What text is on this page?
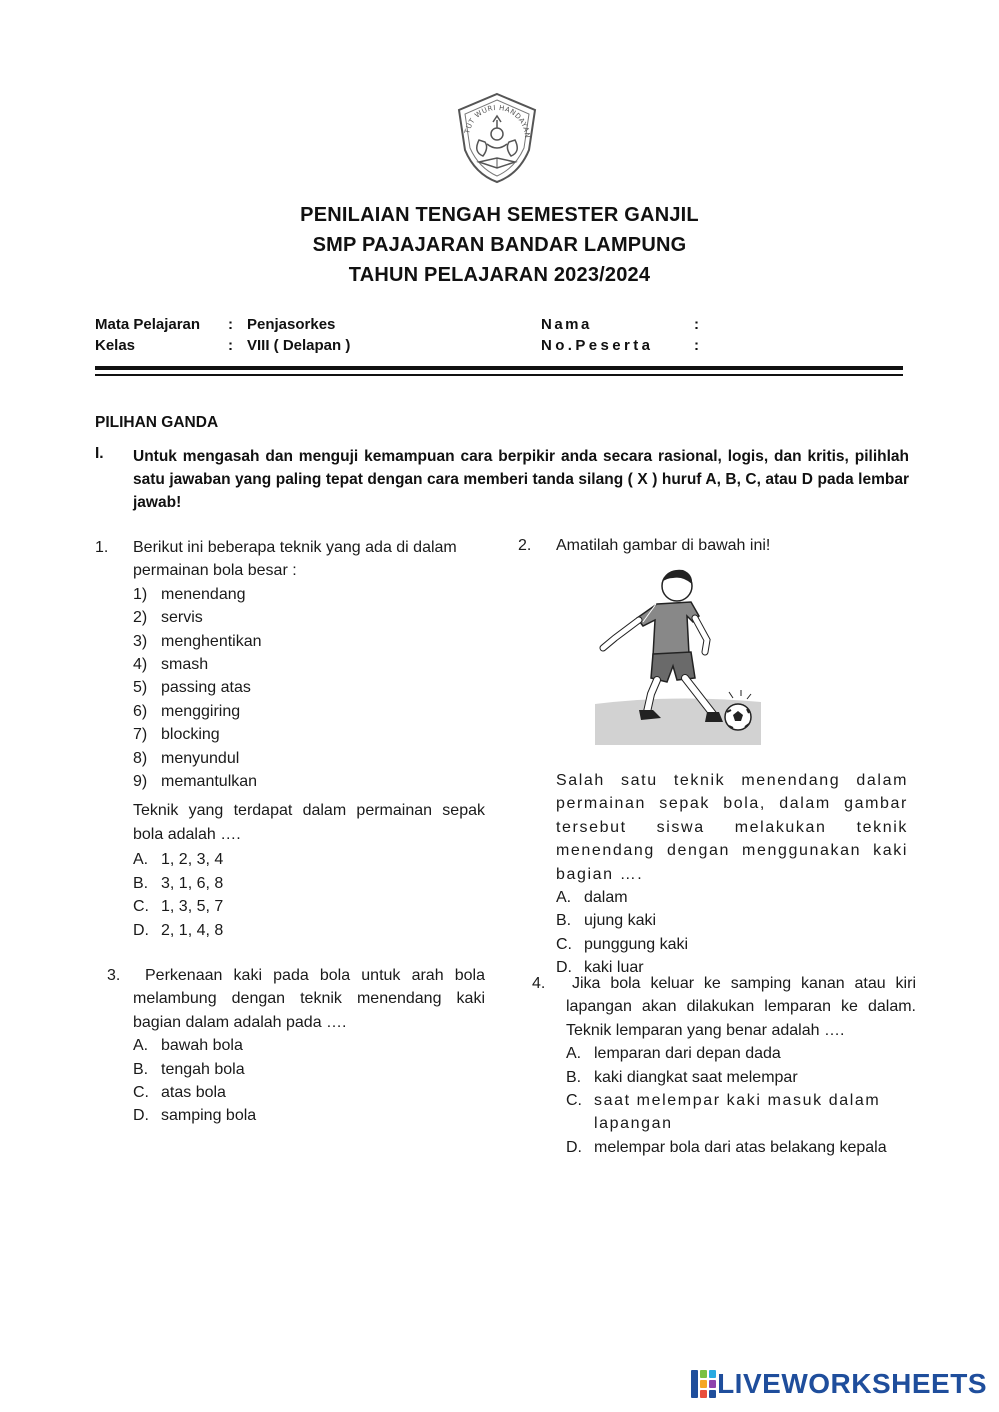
TUT WURI HANDAYAN
PENILAIAN TENGAH SEMESTER GANJIL
SMP PAJAJARAN BANDAR LAMPUNG
TAHUN PELAJARAN 2023/2024
Mata Pelajaran : Penjasorkes
Kelas	: VIII ( Delapan )
Nama	:
No.Peserta	:
PILIHAN GANDA
I. Untuk mengasah dan menguji kemampuan cara berpikir anda secara rasional, logis, dan kritis, pilihlah satu jawaban yang paling tepat dengan cara memberi tanda silang ( X ) huruf A, B, C, atau D pada lembar jawab!
1.	Berikut ini beberapa teknik yang ada di dalam permainan bola besar :
1) menendang
2) servis
3) menghentikan
4) smash
5) passing atas
6) menggiring
7) blocking
8) menyundul
9) memantulkan
Teknik yang terdapat dalam permainan sepak bola adalah ….
A. 1, 2, 3, 4
B. 3, 1, 6, 8
C. 1, 3, 5, 7
D. 2, 1, 4, 8
2.	Amatilah gambar di bawah ini!
Salah satu teknik menendang dalam permainan sepak bola, dalam gambar tersebut siswa melakukan teknik menendang dengan menggunakan kaki bagian ….
A. dalam
B. ujung kaki
C. punggung kaki
D. kaki luar
3.	Perkenaan kaki pada bola untuk arah bola melambung dengan teknik menendang kaki bagian dalam adalah pada ….
A. bawah bola
B. tengah bola
C. atas bola
D. samping bola
4.	Jika bola keluar ke samping kanan atau kiri lapangan akan dilakukan lemparan ke dalam. Teknik lemparan yang benar adalah ….
A. lemparan dari depan dada
B. kaki diangkat saat melempar
C. saat melempar kaki masuk dalam lapangan
D. melempar bola dari atas belakang kepala
LIVEWORKSHEETS
